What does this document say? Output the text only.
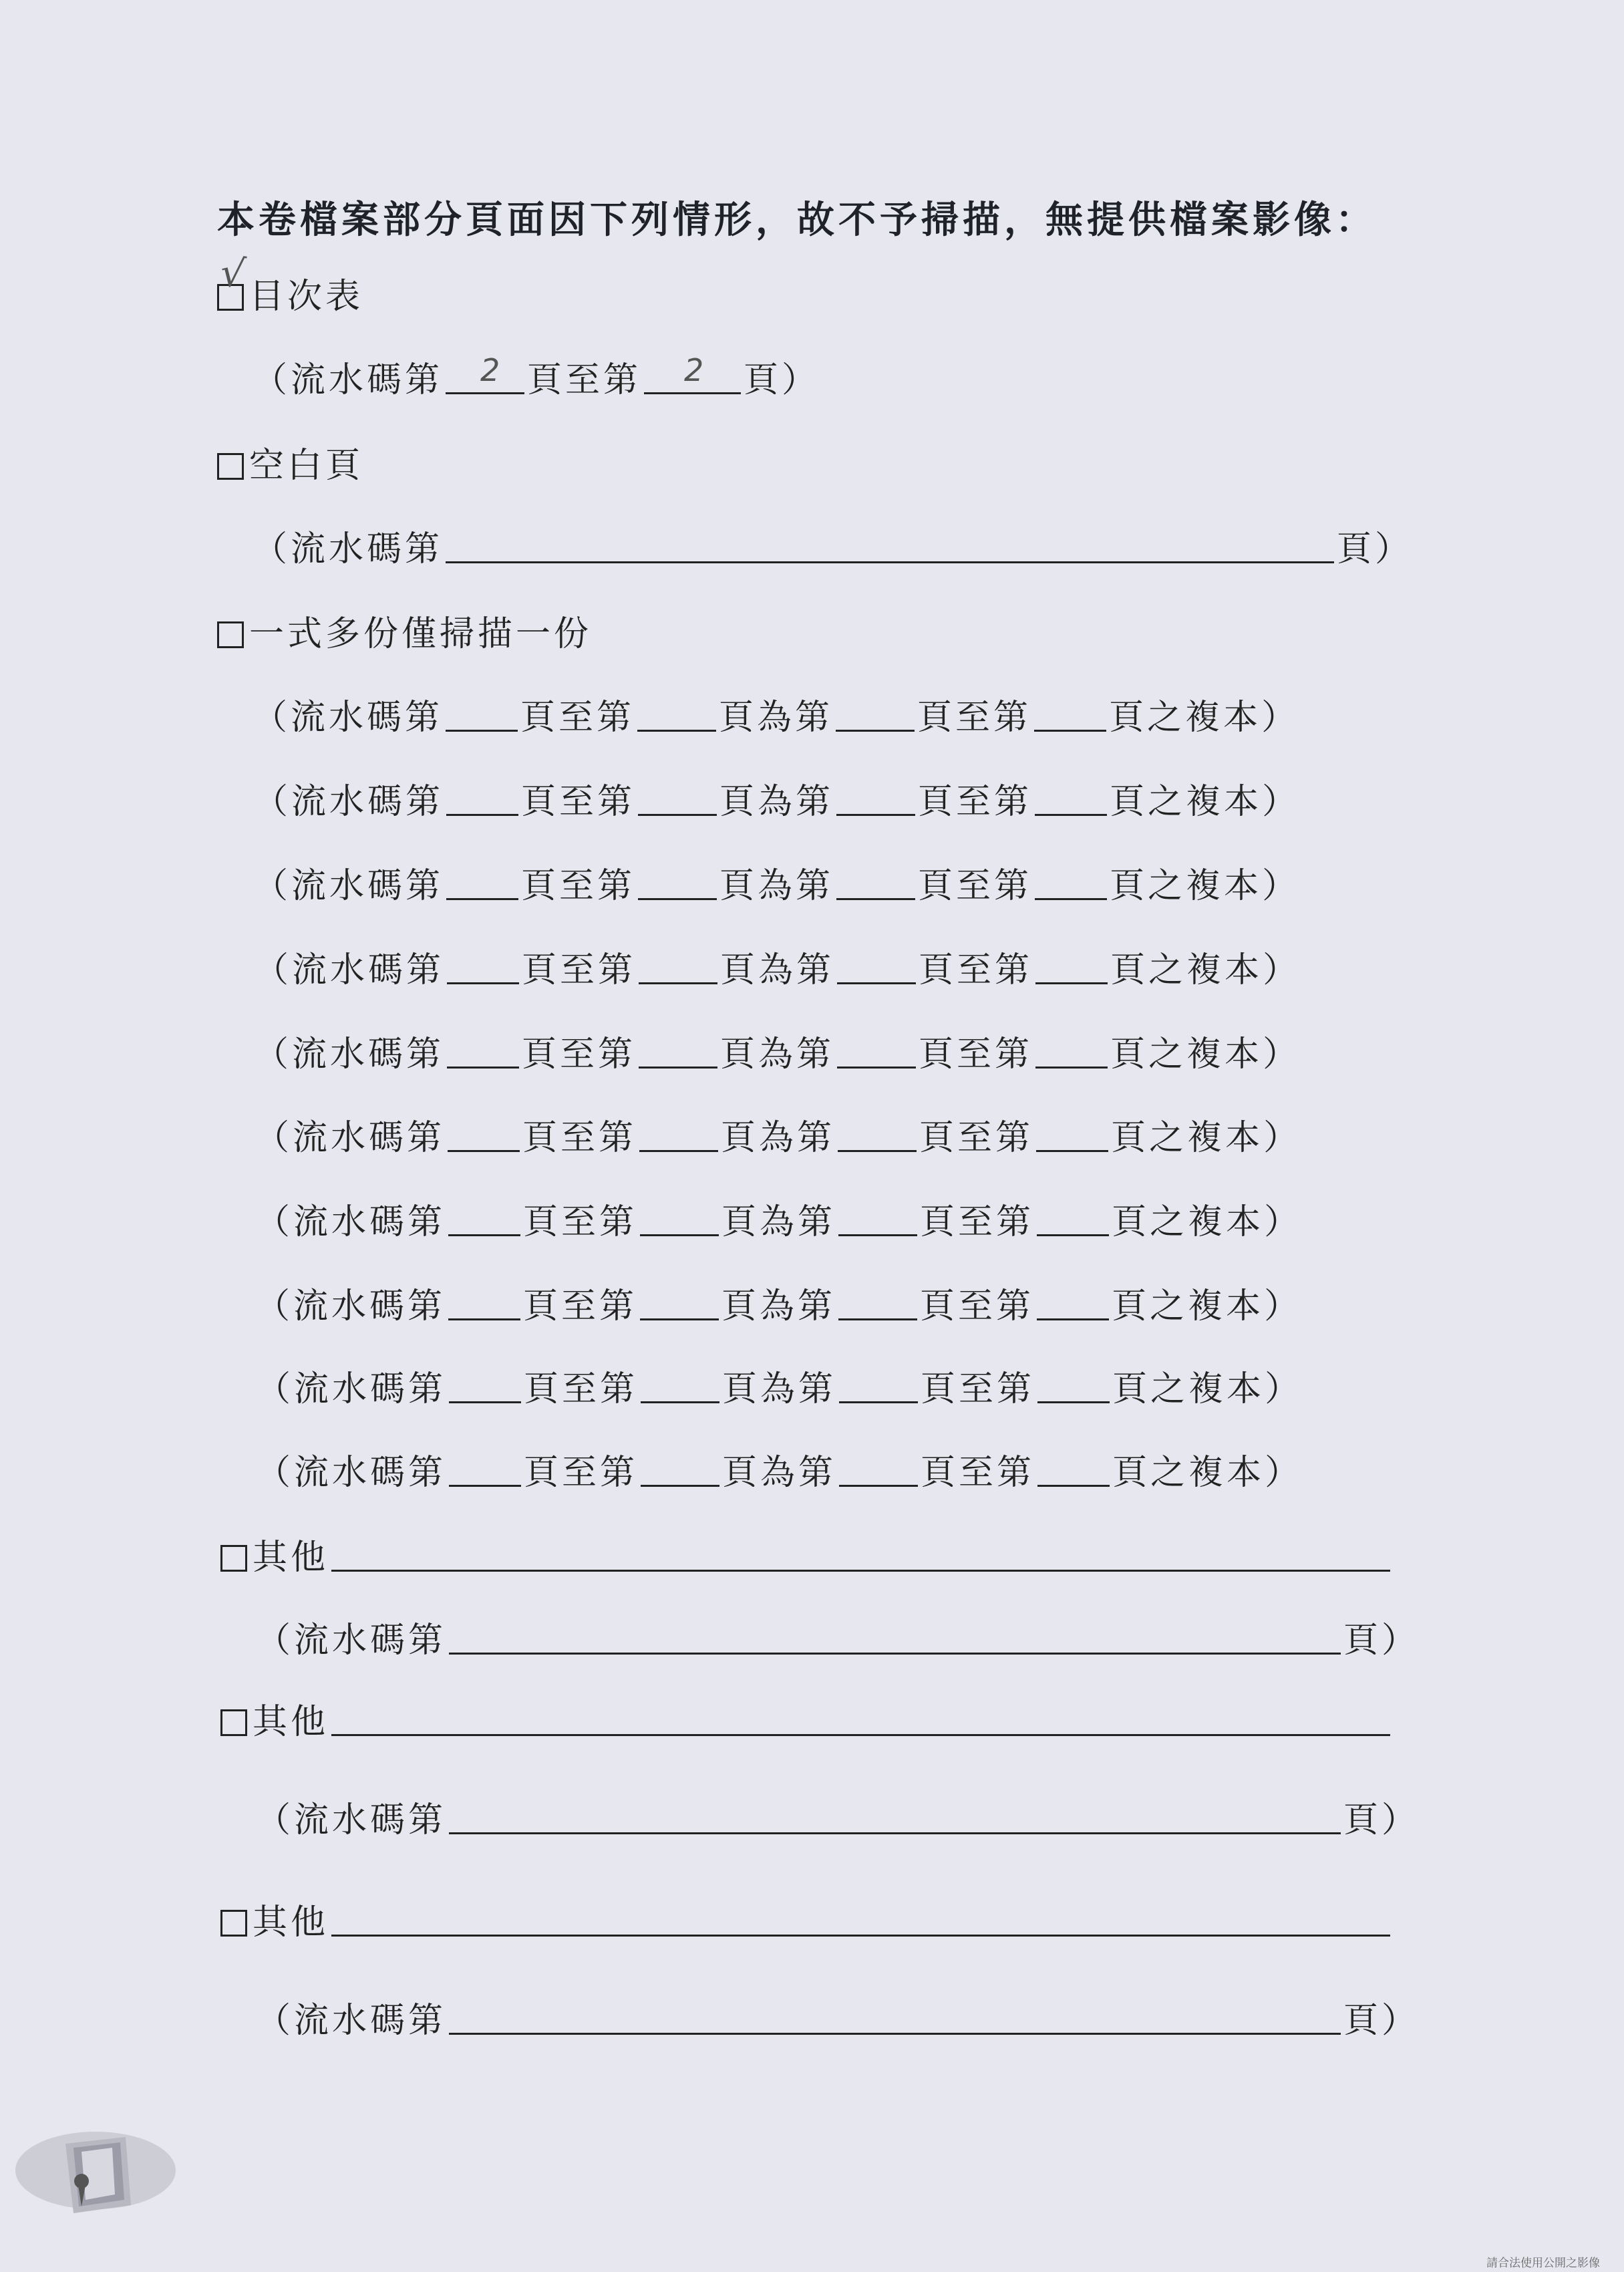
本卷檔案部分頁面因下列情形，故不予掃描，無提供檔案影像：
√
目次表
（流水碼第 2 頁至第 2 頁）
空白頁
（流水碼第	頁）
一式多份僅掃描一份
（流水碼第 頁至第 頁為第 頁至第 頁之複本）
（流水碼第 頁至第 頁為第 頁至第 頁之複本）
（流水碼第 頁至第 頁為第 頁至第 頁之複本）
（流水碼第 頁至第 頁為第 頁至第 頁之複本）
（流水碼第 頁至第 頁為第 頁至第 頁之複本）
（流水碼第 頁至第 頁為第 頁至第 頁之複本）
（流水碼第 頁至第 頁為第 頁至第 頁之複本）
（流水碼第 頁至第 頁為第 頁至第 頁之複本）
（流水碼第 頁至第 頁為第 頁至第 頁之複本）
（流水碼第 頁至第 頁為第 頁至第 頁之複本）
其他
（流水碼第	頁）
其他
（流水碼第	頁）
其他
（流水碼第	頁）
請合法使用公開之影像
